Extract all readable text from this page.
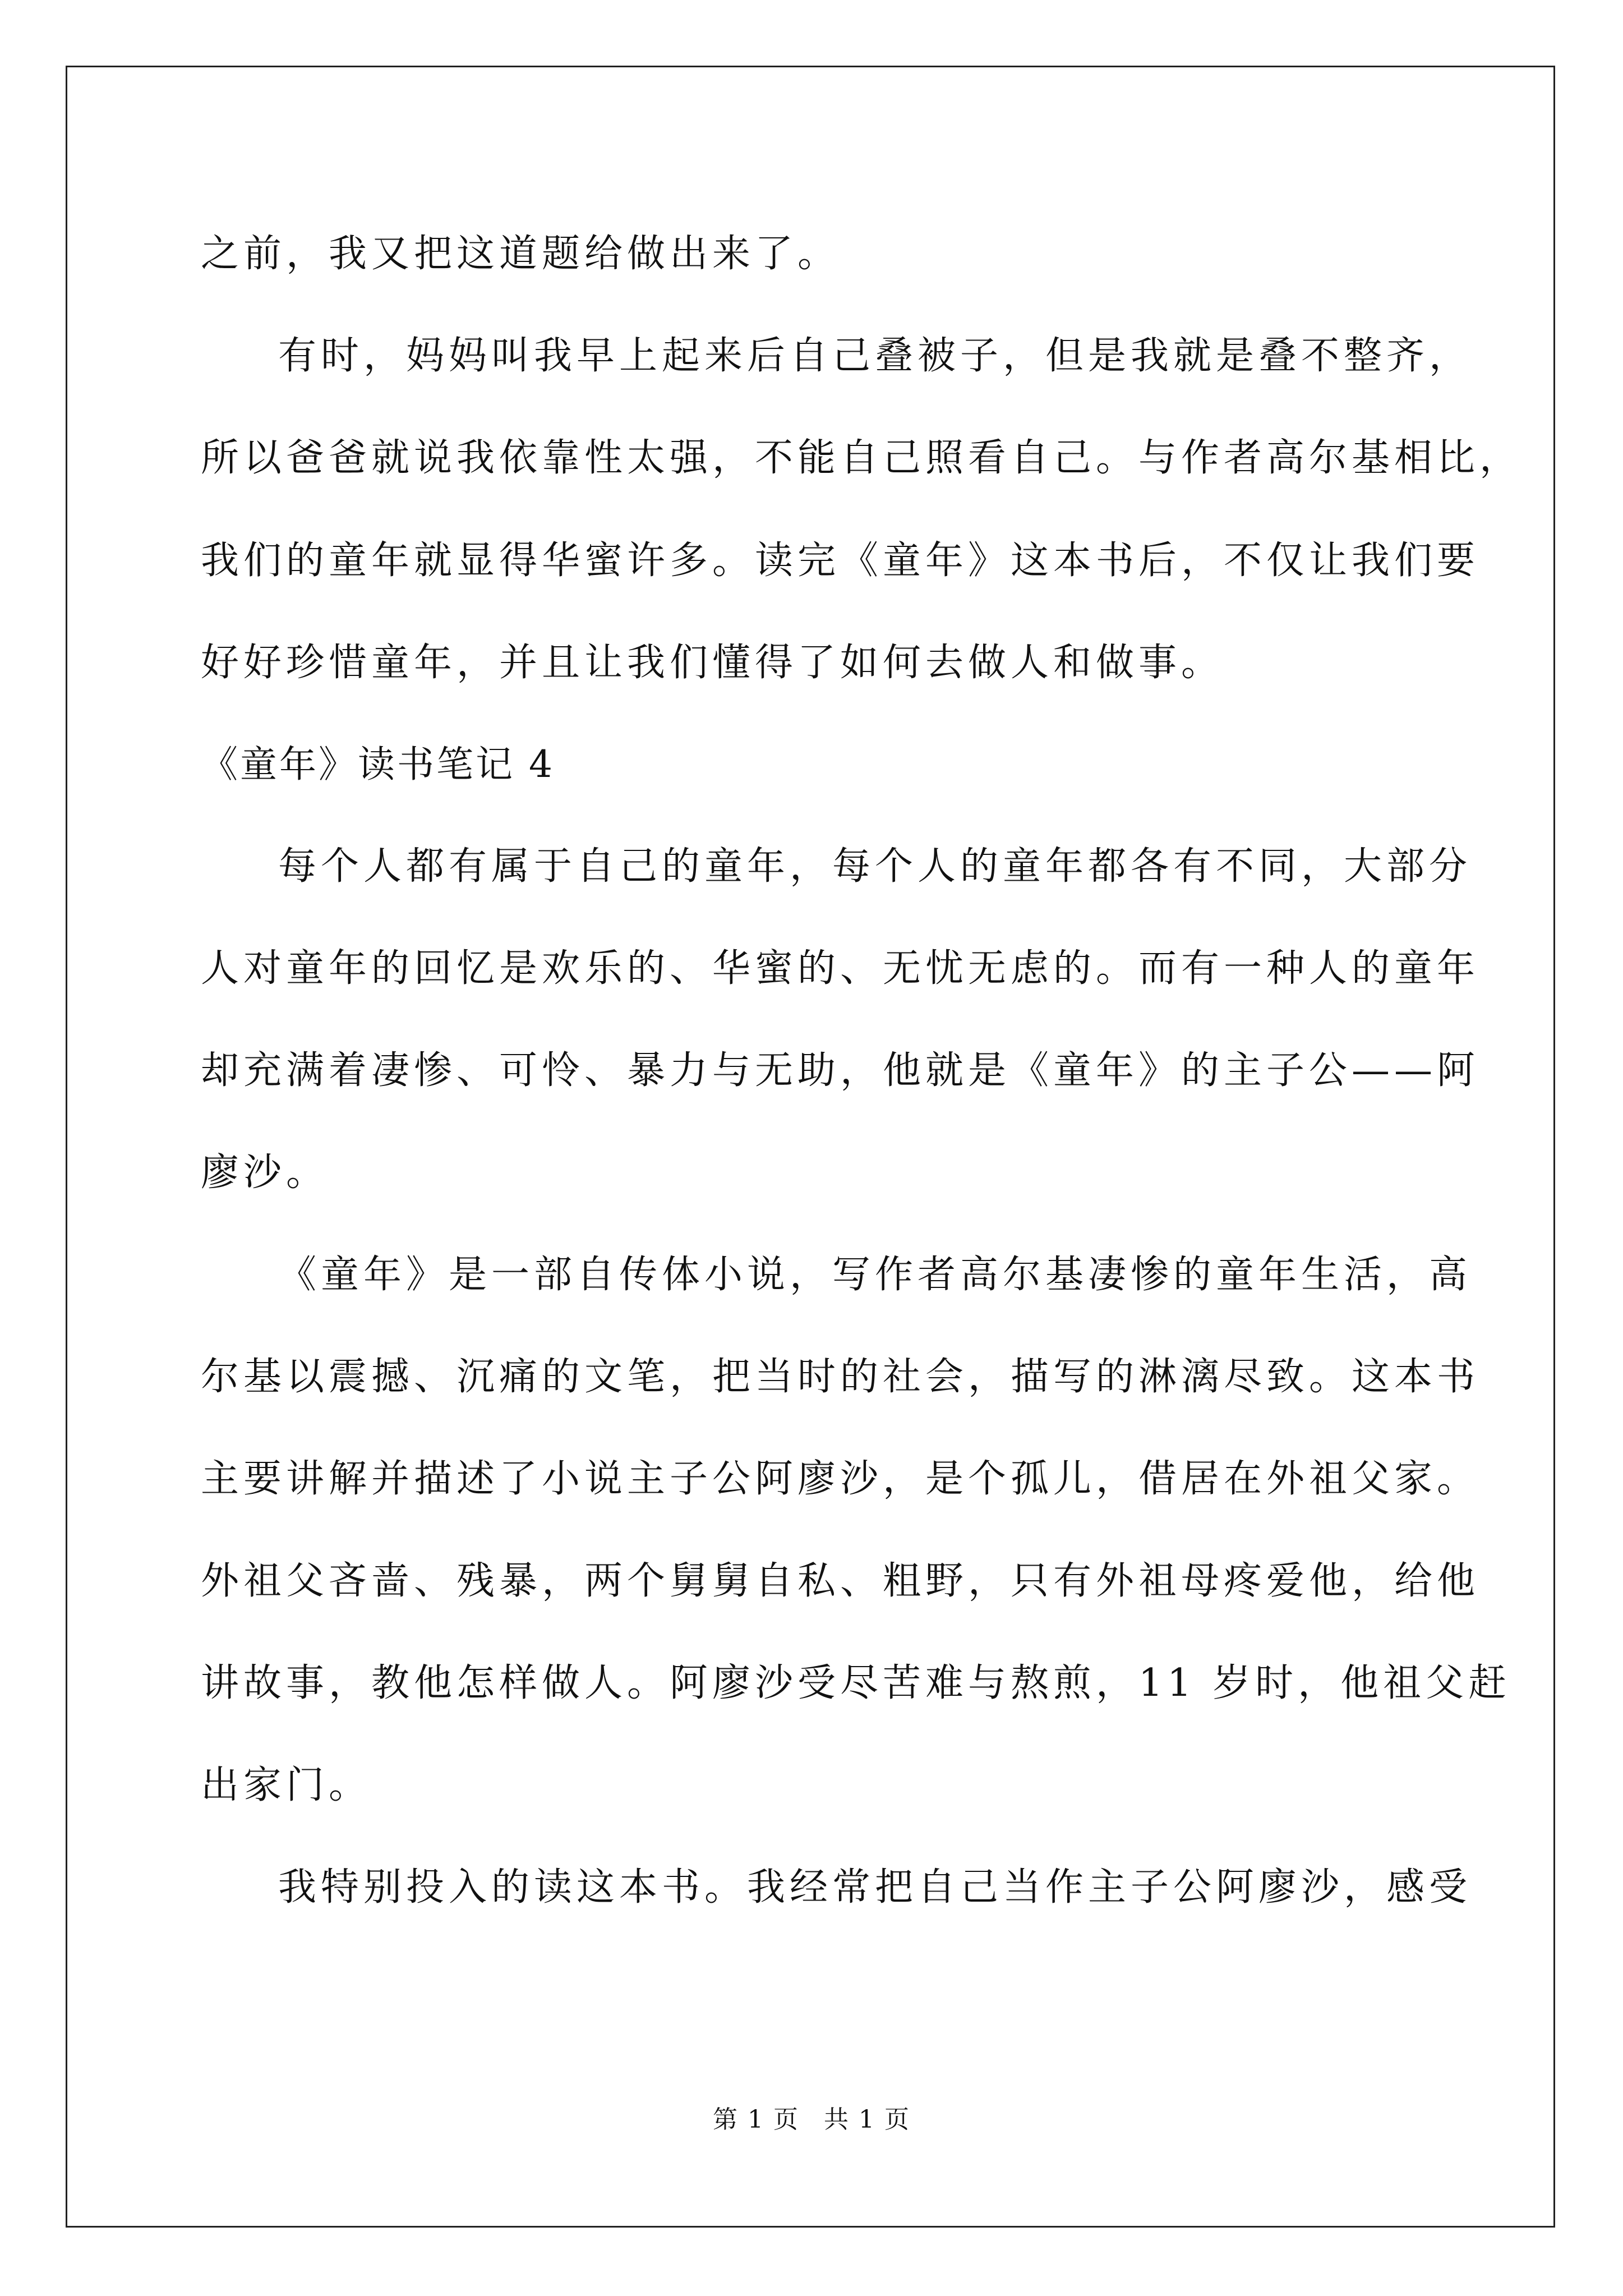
之前，我又把这道题给做出来了。
有时，妈妈叫我早上起来后自己叠被子，但是我就是叠不整齐，
所以爸爸就说我依靠性太强，不能自己照看自己。与作者高尔基相比，
我们的童年就显得华蜜许多。读完《童年》这本书后，不仅让我们要
好好珍惜童年，并且让我们懂得了如何去做人和做事。
《童年》读书笔记 4
每个人都有属于自己的童年，每个人的童年都各有不同，大部分
人对童年的回忆是欢乐的、华蜜的、无忧无虑的。而有一种人的童年
却充满着凄惨、可怜、暴力与无助，他就是《童年》的主子公——阿
廖沙。
《童年》是一部自传体小说，写作者高尔基凄惨的童年生活，高
尔基以震撼、沉痛的文笔，把当时的社会，描写的淋漓尽致。这本书
主要讲解并描述了小说主子公阿廖沙，是个孤儿，借居在外祖父家。
外祖父吝啬、残暴，两个舅舅自私、粗野，只有外祖母疼爱他，给他
讲故事，教他怎样做人。阿廖沙受尽苦难与熬煎，11 岁时，他祖父赶
出家门。
我特别投入的读这本书。我经常把自己当作主子公阿廖沙，感受
第 1 页 共 1 页
